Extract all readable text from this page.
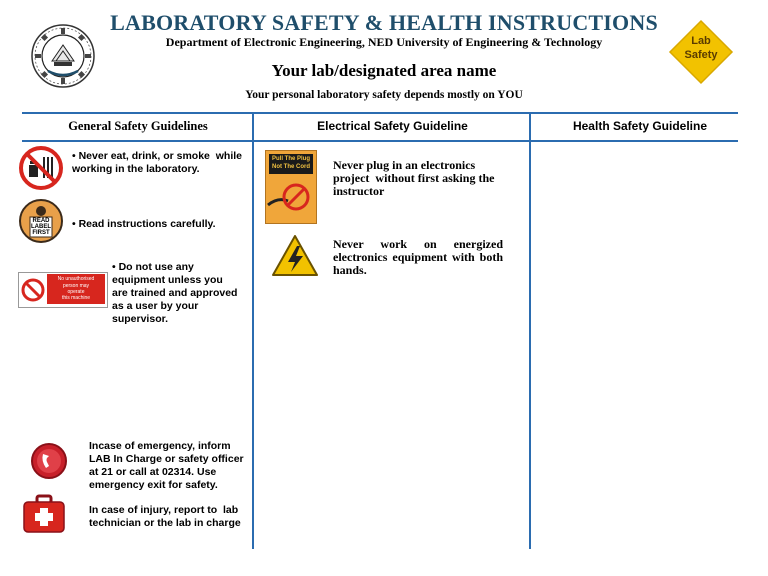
Lab
Safety
LABORATORY SAFETY & HEALTH INSTRUCTIONS
Department of Electronic Engineering, NED University of Engineering & Technology
Your lab/designated area name
Your personal laboratory safety depends mostly on YOU
General Safety Guidelines	Electrical Safety Guideline	Health Safety Guideline
• Never eat, drink, or smoke  while working in the laboratory.
READ
LABEL
FIRST
• Read instructions carefully.
No unauthorised
person may
operate
this machine
• Do not use any  equipment unless you are trained and approved as a user by your supervisor.
Incase of emergency, inform LAB In Charge or safety officer at 21 or call at 02314. Use emergency exit for safety.
In case of injury, report to  lab technician or the lab in charge
Pull The Plug
Not The Cord Never plug in an electronics project  without first asking the instructor
Never work on energized electronics equipment with both hands.
